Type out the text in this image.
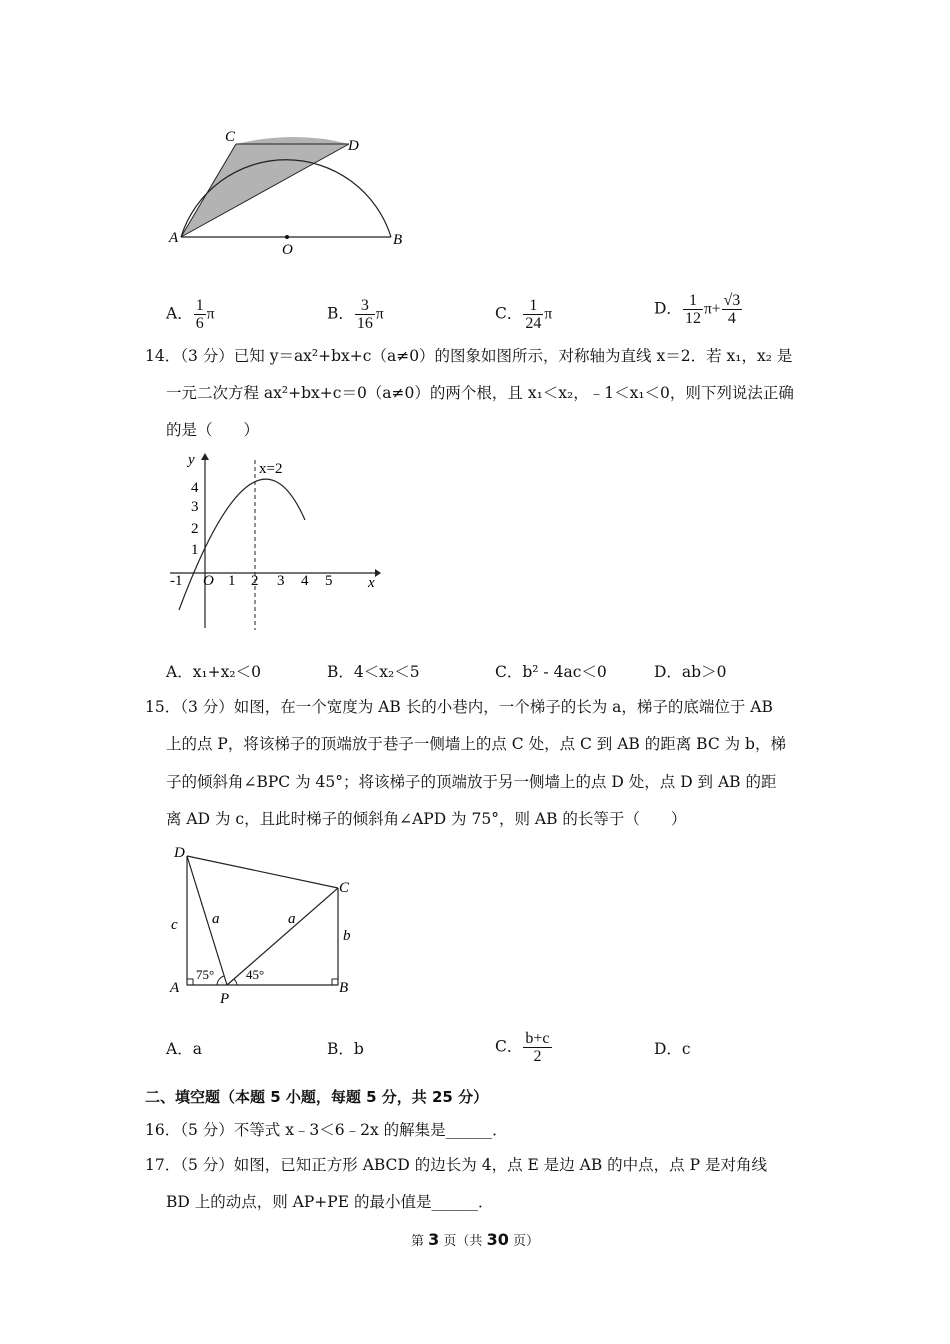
C
D
A
O
B
A． $\frac{1}{6}$ π	B． $\frac{3}{16}$ π	C． $\frac{1}{24}$ π	D． $\frac{1}{12} \pi+ \frac{√3}{4}$
14．（3 分）已知 y＝ax²+bx+c（a≠0）的图象如图所示，对称轴为直线 x＝2．若 x₁，x₂ 是
一元二次方程 ax²+bx+c＝0（a≠0）的两个根，且 x₁＜x₂，﹣1＜x₁＜0，则下列说法正确
的是（　　）
y
x
x=2
O
-1	1 2 3 4 5
1
2
3
4
A．x₁+x₂＜0	B．4＜x₂＜5	C．b² - 4ac＜0	D．ab＞0
15．（3 分）如图，在一个宽度为 AB 长的小巷内，一个梯子的长为 a，梯子的底端位于 AB
上的点 P，将该梯子的顶端放于巷子一侧墙上的点 C 处，点 C 到 AB 的距离 BC 为 b，梯
子的倾斜角∠BPC 为 45°；将该梯子的顶端放于另一侧墙上的点 D 处，点 D 到 AB 的距
离 AD 为 c，且此时梯子的倾斜角∠APD 为 75°，则 AB 的长等于（　　）
D
C
A	B
P
c
b
a	a
75° 45°
A．a	B．b	C． $\frac{b+c}{2}$	D．c
二、填空题（本题 5 小题，每题 5 分，共 25 分）
16．（5 分）不等式 x﹣3＜6﹣2x 的解集是______．
17．（5 分）如图，已知正方形 ABCD 的边长为 4，点 E 是边 AB 的中点，点 P 是对角线
BD 上的动点，则 AP+PE 的最小值是______．
第 3 页（共 30 页）
